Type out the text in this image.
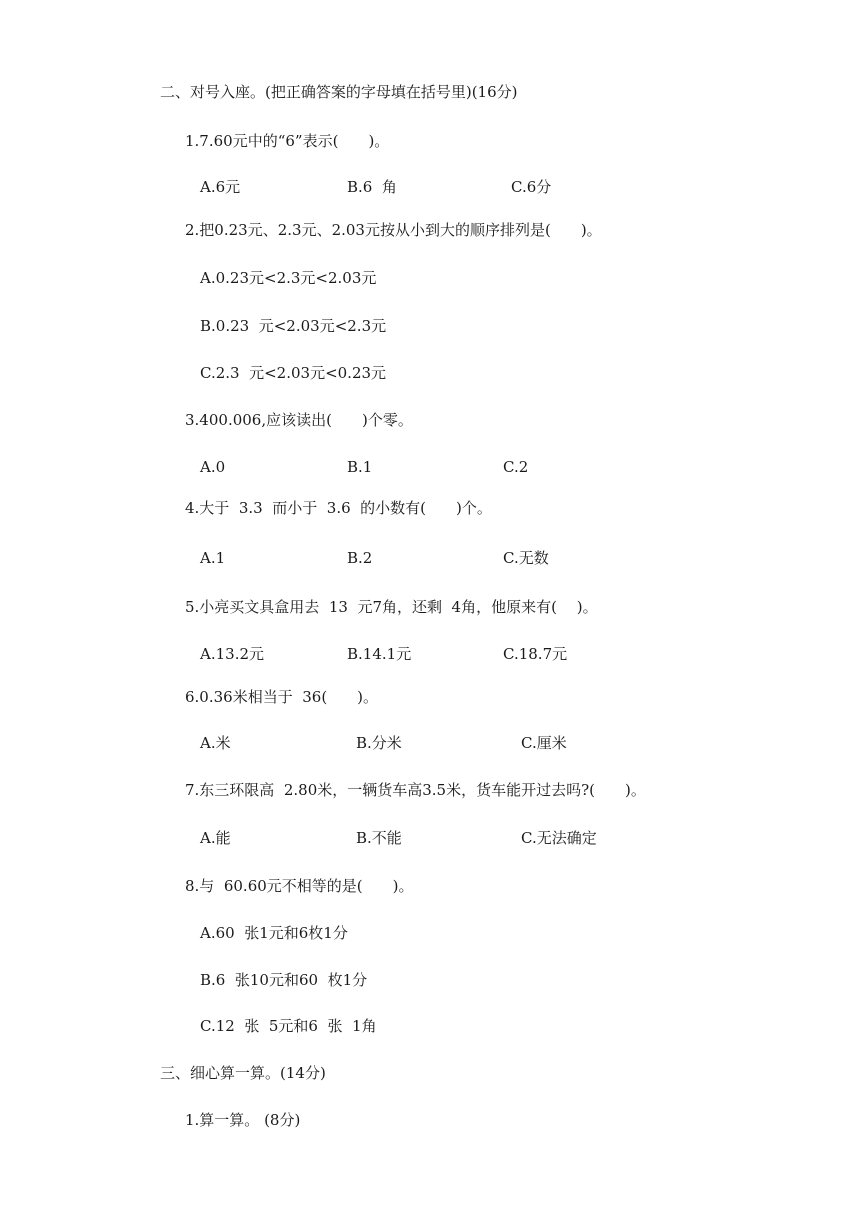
二、对号入座。(把正确答案的字母填在括号里)(16分)
1.7.60元中的“6”表示(　　)。
A.6元	B.6  角	C.6分
2.把0.23元、2.3元、2.03元按从小到大的顺序排列是(　　)。
A.0.23元<2.3元<2.03元
B.0.23  元<2.03元<2.3元
C.2.3  元<2.03元<0.23元
3.400.006,应该读出(　　)个零。
A.0	B.1	C.2
4.大于  3.3  而小于  3.6  的小数有(　　)个。
A.1	B.2	C.无数
5.小亮买文具盒用去  13  元7角，还剩  4角，他原来有(　 )。
A.13.2元	B.14.1元	C.18.7元
6.0.36米相当于  36(　　)。
A.米	B.分米	C.厘米
7.东三环限高  2.80米，一辆货车高3.5米，货车能开过去吗?(　　)。
A.能	B.不能	C.无法确定
8.与  60.60元不相等的是(　　)。
A.60  张1元和6枚1分
B.6  张10元和60  枚1分
C.12  张  5元和6  张  1角
三、细心算一算。(14分)
1.算一算。 (8分)
